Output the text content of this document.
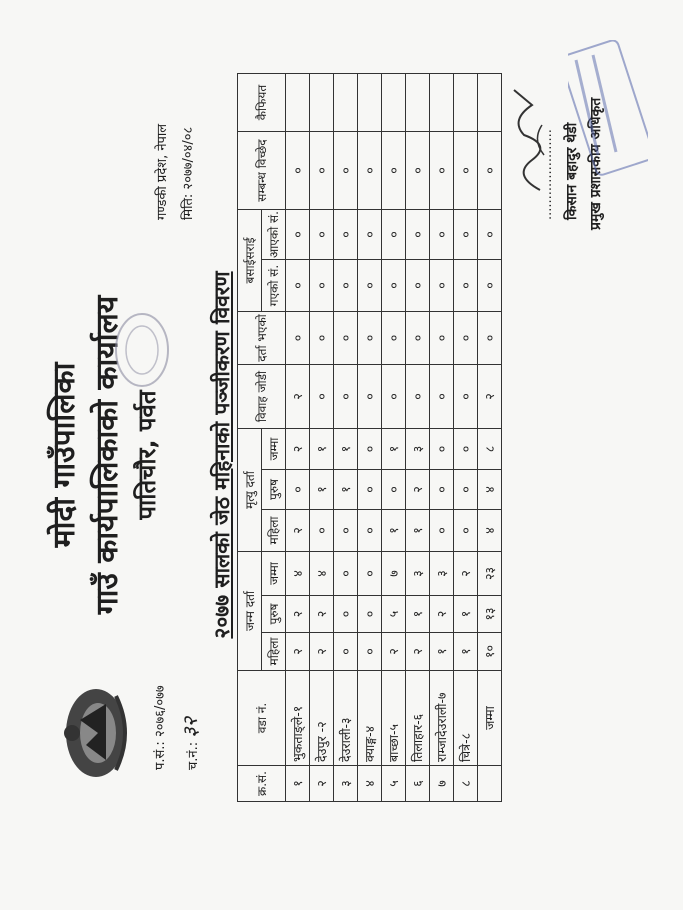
मोदी गाउँपालिका गाउँ कार्यपालिकाको कार्यालय पातिचौर, पर्वत
प.सं.: २०७६/०७७	च.नं.: ३२
गण्डकी प्रदेश, नेपाल मिति: २०७७/०४/०८
२०७७ सालको जेठ महिनाको पञ्जीकरण विवरण
क्र.सं.	वडा नं.	जन्म दर्ता			मृत्यु दर्ता			विवाह जोडी	दर्ता भएको	बसाईसराई		सम्बन्ध विच्छेद	कैफियत
		महिला	पुरुष	जम्मा	महिला	पुरुष	जम्मा			गएको सं.	आएको सं.		
१	भुकताङ्ले-१	२	२	४	२	०	२	२	०	०	०	०	
२	देउपुर -२	२	२	४	०	१	१	०	०	०	०	०	
३	देउराली-३	०	०	०	०	१	१	०	०	०	०	०	
४	क्याङ्ग-४	०	०	०	०	०	०	०	०	०	०	०	
५	बाच्छा-५	२	५	७	१	०	१	०	०	०	०	०	
६	तिलाहार-६	२	१	३	१	२	३	०	०	०	०	०	
७	राम्जादेउराली-७	१	२	३	०	०	०	०	०	०	०	०	
८	चित्रे-८	१	१	२	०	०	०	०	०	०	०	०	
	जम्मा	१०	१३	२३	४	४	८	२	०	०	०	०		...................... किसान बहादुर थेडी प्रमुख प्रशासकीय अधिकृत
